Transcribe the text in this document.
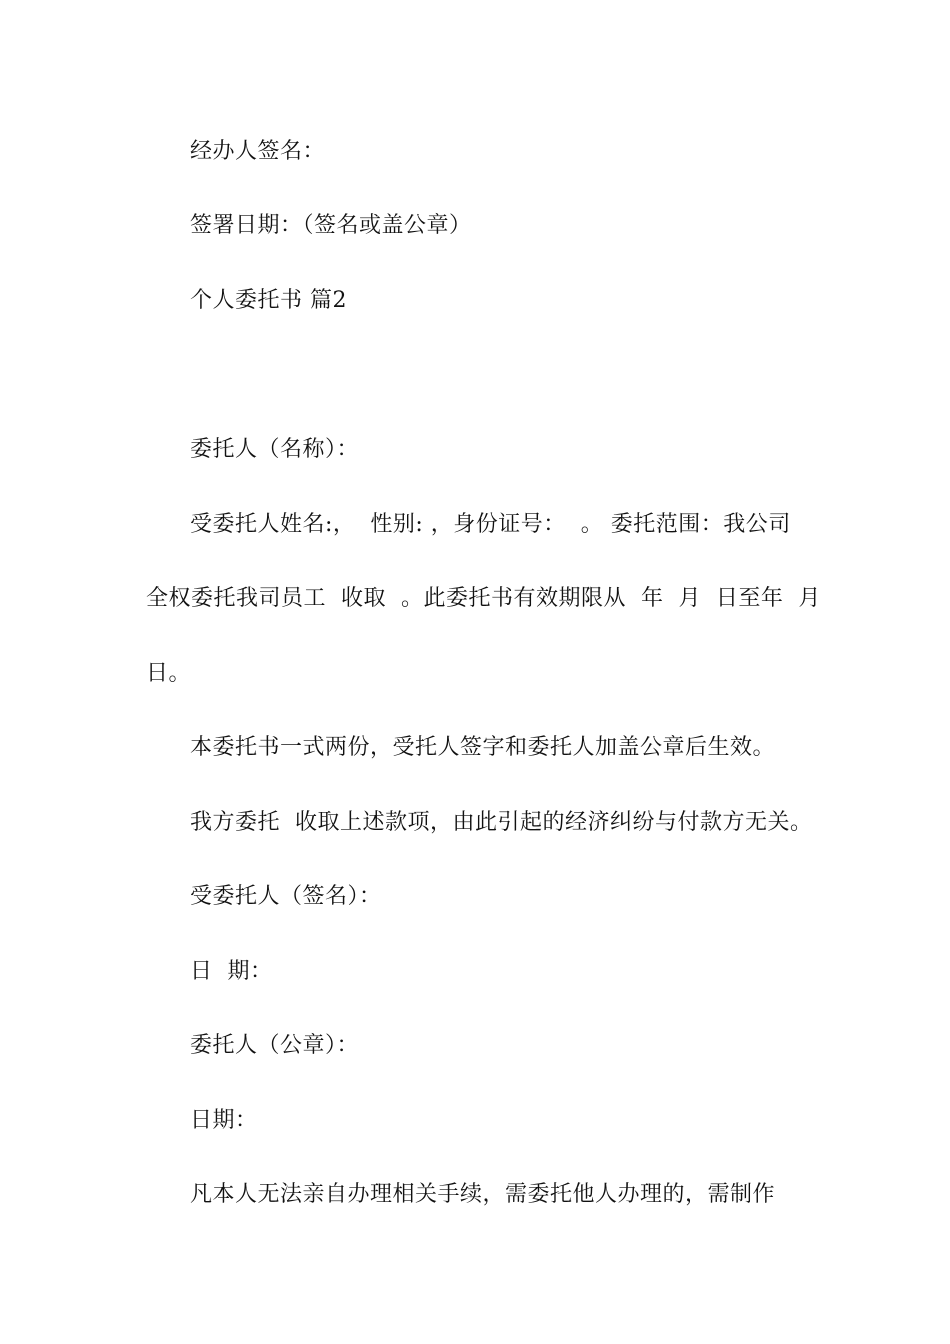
经办人签名：
签署日期：（签名或盖公章）
个人委托书 篇2
委托人（名称）：
受委托人姓名:，  性别: ，身份证号：  。 委托范围：我公司
全权委托我司员工  收取  。此委托书有效期限从  年  月  日至年  月
日。
本委托书一式两份，受托人签字和委托人加盖公章后生效。
我方委托  收取上述款项，由此引起的经济纠纷与付款方无关。
受委托人（签名）：
日  期：
委托人（公章）：
日期：
凡本人无法亲自办理相关手续，需委托他人办理的，需制作
